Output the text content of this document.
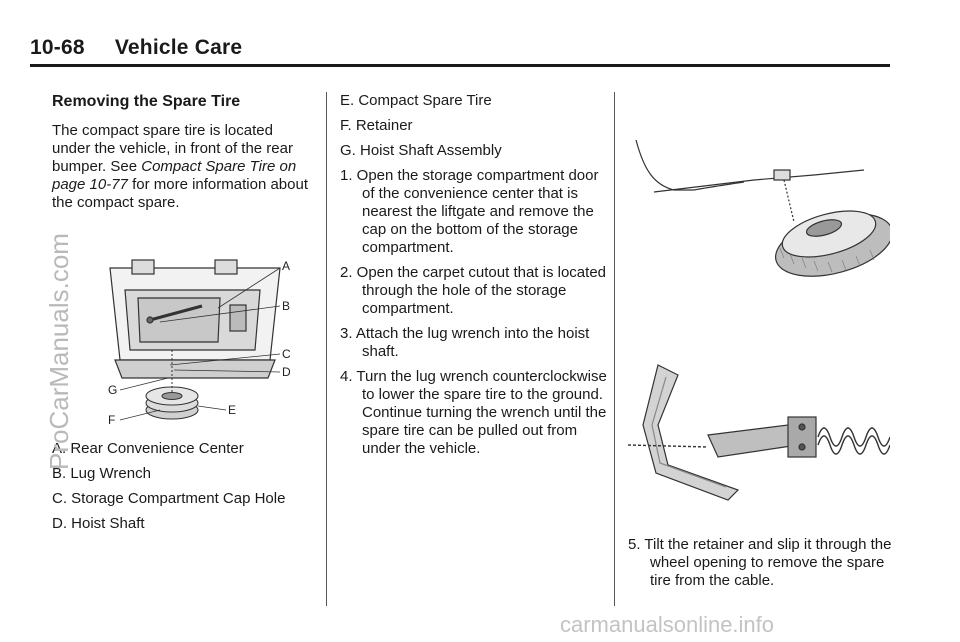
10-68     Vehicle Care
Removing the Spare Tire

The compact spare tire is located under the vehicle, in front of the rear bumper. See Compact Spare Tire on page 10-77 for more information about the compact spare.

A
B
C
D
E
F
G
A. Rear Convenience Center
B. Lug Wrench
C. Storage Compartment Cap Hole
D. Hoist Shaft
E. Compact Spare Tire
F. Retainer
G. Hoist Shaft Assembly
1. Open the storage compartment door of the convenience center that is nearest the liftgate and remove the cap on the bottom of the storage compartment.
2. Open the carpet cutout that is located through the hole of the storage compartment.
3. Attach the lug wrench into the hoist shaft.
4. Turn the lug wrench counterclockwise to lower the spare tire to the ground. Continue turning the wrench until the spare tire can be pulled out from under the vehicle.
5. Tilt the retainer and slip it through the wheel opening to remove the spare tire from the cable.
ProCarManuals.com
carmanualsonline.info
